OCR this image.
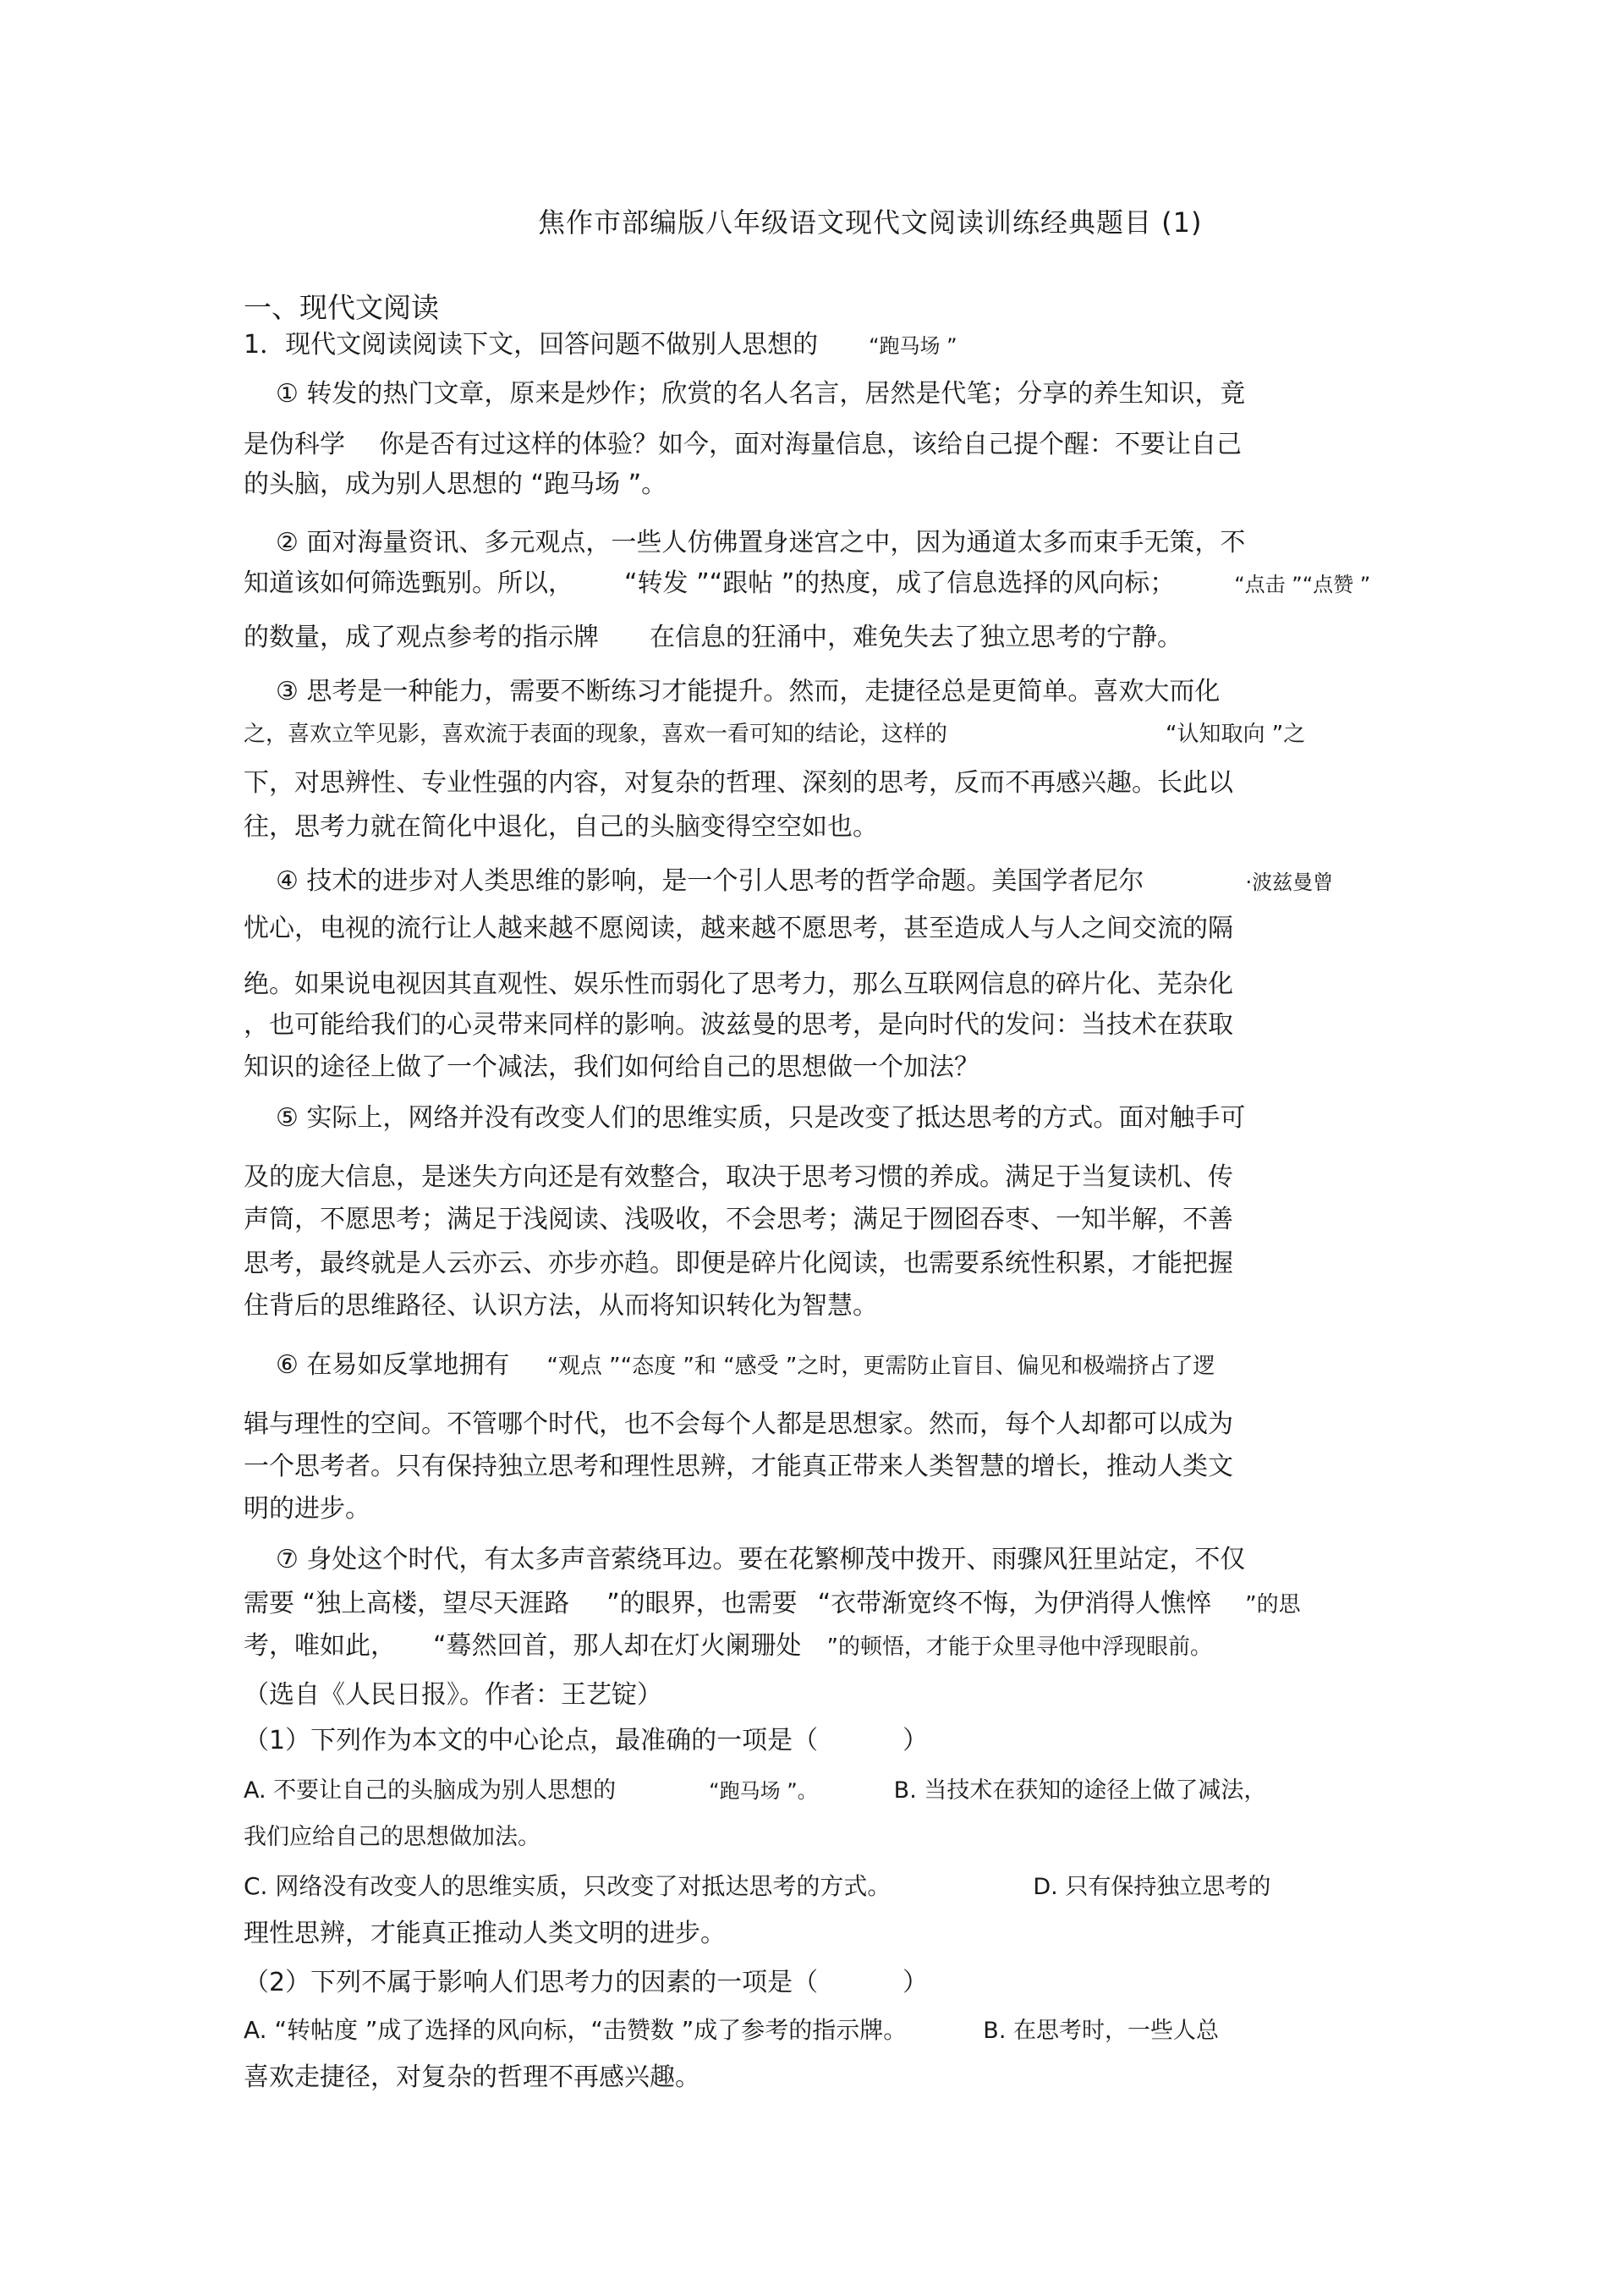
焦作市部编版八年级语文现代文阅读训练经典题目 (1)
一、现代文阅读
1．现代文阅读阅读下文，回答问题不做别人思想的	“跑马场 ”
① 转发的热门文章，原来是炒作；欣赏的名人名言，居然是代笔；分享的养生知识，竟
是伪科学 你是否有过这样的体验？如今，面对海量信息，该给自己提个醒：不要让自己
的头脑，成为别人思想的 “跑马场 ”。
② 面对海量资讯、多元观点，一些人仿佛置身迷宫之中，因为通道太多而束手无策，不
知道该如何筛选甄别。所以， “转发 ”“跟帖 ”的热度，成了信息选择的风向标；	“点击 ”“点赞 ”
的数量，成了观点参考的指示牌 在信息的狂涌中，难免失去了独立思考的宁静。
③ 思考是一种能力，需要不断练习才能提升。然而，走捷径总是更简单。喜欢大而化
之，喜欢立竿见影，喜欢流于表面的现象，喜欢一看可知的结论，这样的	“认知取向 ”之
下，对思辨性、专业性强的内容，对复杂的哲理、深刻的思考，反而不再感兴趣。长此以
往，思考力就在简化中退化，自己的头脑变得空空如也。
④ 技术的进步对人类思维的影响，是一个引人思考的哲学命题。美国学者尼尔	·波兹曼曾
忧心，电视的流行让人越来越不愿阅读，越来越不愿思考，甚至造成人与人之间交流的隔
绝。如果说电视因其直观性、娱乐性而弱化了思考力，那么互联网信息的碎片化、芜杂化
，也可能给我们的心灵带来同样的影响。波兹曼的思考，是向时代的发问：当技术在获取
知识的途径上做了一个减法，我们如何给自己的思想做一个加法？
⑤ 实际上，网络并没有改变人们的思维实质，只是改变了抵达思考的方式。面对触手可
及的庞大信息，是迷失方向还是有效整合，取决于思考习惯的养成。满足于当复读机、传
声筒，不愿思考；满足于浅阅读、浅吸收，不会思考；满足于囫囵吞枣、一知半解，不善
思考，最终就是人云亦云、亦步亦趋。即便是碎片化阅读，也需要系统性积累，才能把握
住背后的思维路径、认识方法，从而将知识转化为智慧。
⑥ 在易如反掌地拥有 “观点 ”“态度 ”和 “感受 ”之时，更需防止盲目、偏见和极端挤占了逻
辑与理性的空间。不管哪个时代，也不会每个人都是思想家。然而，每个人却都可以成为
一个思考者。只有保持独立思考和理性思辨，才能真正带来人类智慧的增长，推动人类文
明的进步。
⑦ 身处这个时代，有太多声音萦绕耳边。要在花繁柳茂中拨开、雨骤风狂里站定，不仅
需要 “独上高楼，望尽天涯路 ”的眼界，也需要 “衣带渐宽终不悔，为伊消得人憔悴 ”的思
考，唯如此， “蓦然回首，那人却在灯火阑珊处 ”的顿悟，才能于众里寻他中浮现眼前。
（选自《人民日报》。作者：王艺锭）
（1）下列作为本文的中心论点，最准确的一项是（	）
A. 不要让自己的头脑成为别人思想的	“跑马场 ”。	B. 当技术在获知的途径上做了减法，
我们应给自己的思想做加法。
C. 网络没有改变人的思维实质，只改变了对抵达思考的方式。	D. 只有保持独立思考的
理性思辨，才能真正推动人类文明的进步。
（2）下列不属于影响人们思考力的因素的一项是（	）
A. “转帖度 ”成了选择的风向标，“击赞数 ”成了参考的指示牌。	B. 在思考时，一些人总
喜欢走捷径，对复杂的哲理不再感兴趣。
